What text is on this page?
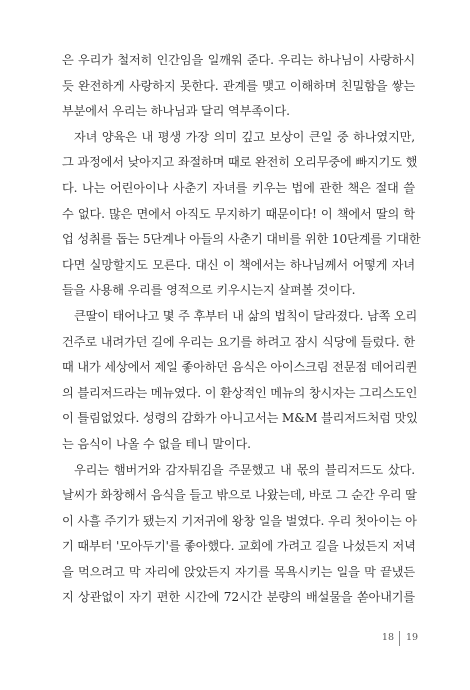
은 우리가 철저히 인간임을 일깨워 준다. 우리는 하나님이 사랑하시
듯 완전하게 사랑하지 못한다. 관계를 맺고 이해하며 친밀함을 쌓는
부분에서 우리는 하나님과 달리 역부족이다.
자녀 양육은 내 평생 가장 의미 깊고 보상이 큰일 중 하나였지만,
그 과정에서 낮아지고 좌절하며 때로 완전히 오리무중에 빠지기도 했
다. 나는 어린아이나 사춘기 자녀를 키우는 법에 관한 책은 절대 쓸
수 없다. 많은 면에서 아직도 무지하기 때문이다! 이 책에서 딸의 학
업 성취를 돕는 5단계나 아들의 사춘기 대비를 위한 10단계를 기대한
다면 실망할지도 모른다. 대신 이 책에서는 하나님께서 어떻게 자녀
들을 사용해 우리를 영적으로 키우시는지 살펴볼 것이다.
큰딸이 태어나고 몇 주 후부터 내 삶의 법칙이 달라졌다. 남쪽 오리
건주로 내려가던 길에 우리는 요기를 하려고 잠시 식당에 들렀다. 한
때 내가 세상에서 제일 좋아하던 음식은 아이스크림 전문점 데어리퀸
의 블리저드라는 메뉴였다. 이 환상적인 메뉴의 창시자는 그리스도인
이 틀림없었다. 성령의 감화가 아니고서는 M&M 블리저드처럼 맛있
는 음식이 나올 수 없을 테니 말이다.
우리는 햄버거와 감자튀김을 주문했고 내 몫의 블리저드도 샀다.
날씨가 화창해서 음식을 들고 밖으로 나왔는데, 바로 그 순간 우리 딸
이 사흘 주기가 됐는지 기저귀에 왕창 일을 벌였다. 우리 첫아이는 아
기 때부터 '모아두기'를 좋아했다. 교회에 가려고 길을 나섰든지 저녁
을 먹으려고 막 자리에 앉았든지 자기를 목욕시키는 일을 막 끝냈든
지 상관없이 자기 편한 시간에 72시간 분량의 배설물을 쏟아내기를
18 19
